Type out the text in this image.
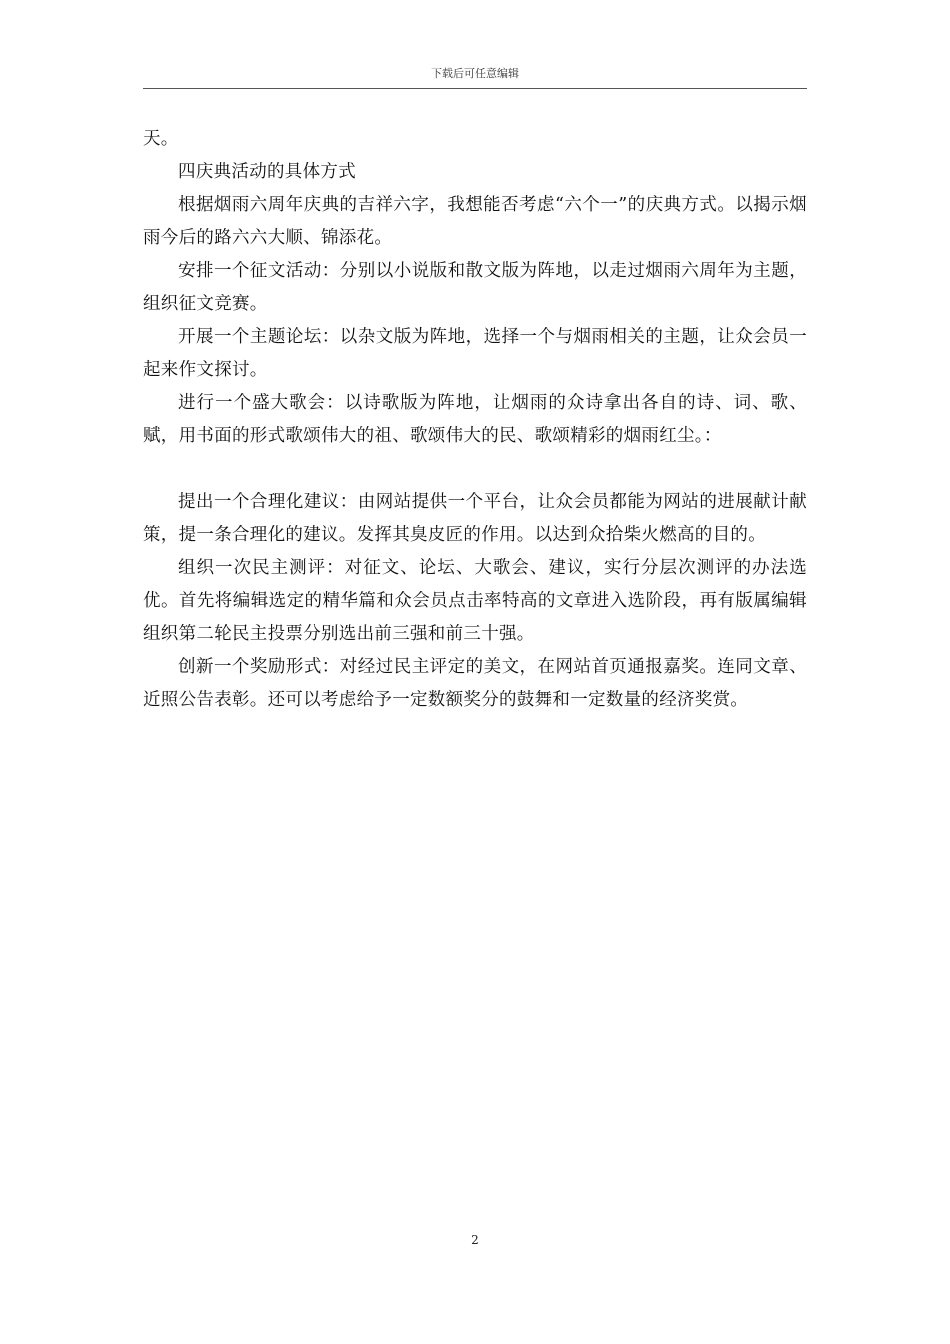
下载后可任意编辑

天。

四庆典活动的具体方式

根据烟雨六周年庆典的吉祥六字，我想能否考虑“六个一”的庆典方式。以揭示烟雨今后的路六六大顺、锦添花。

安排一个征文活动：分别以小说版和散文版为阵地，以走过烟雨六周年为主题，组织征文竞赛。

开展一个主题论坛：以杂文版为阵地，选择一个与烟雨相关的主题，让众会员一起来作文探讨。

进行一个盛大歌会：以诗歌版为阵地，让烟雨的众诗拿出各自的诗、词、歌、赋，用书面的形式歌颂伟大的祖、歌颂伟大的民、歌颂精彩的烟雨红尘。：

提出一个合理化建议：由网站提供一个平台，让众会员都能为网站的进展献计献策，提一条合理化的建议。发挥其臭皮匠的作用。以达到众拾柴火燃高的目的。

组织一次民主测评：对征文、论坛、大歌会、建议，实行分层次测评的办法选优。首先将编辑选定的精华篇和众会员点击率特高的文章进入选阶段，再有版属编辑组织第二轮民主投票分别选出前三强和前三十强。

创新一个奖励形式：对经过民主评定的美文，在网站首页通报嘉奖。连同文章、近照公告表彰。还可以考虑给予一定数额奖分的鼓舞和一定数量的经济奖赏。

2
